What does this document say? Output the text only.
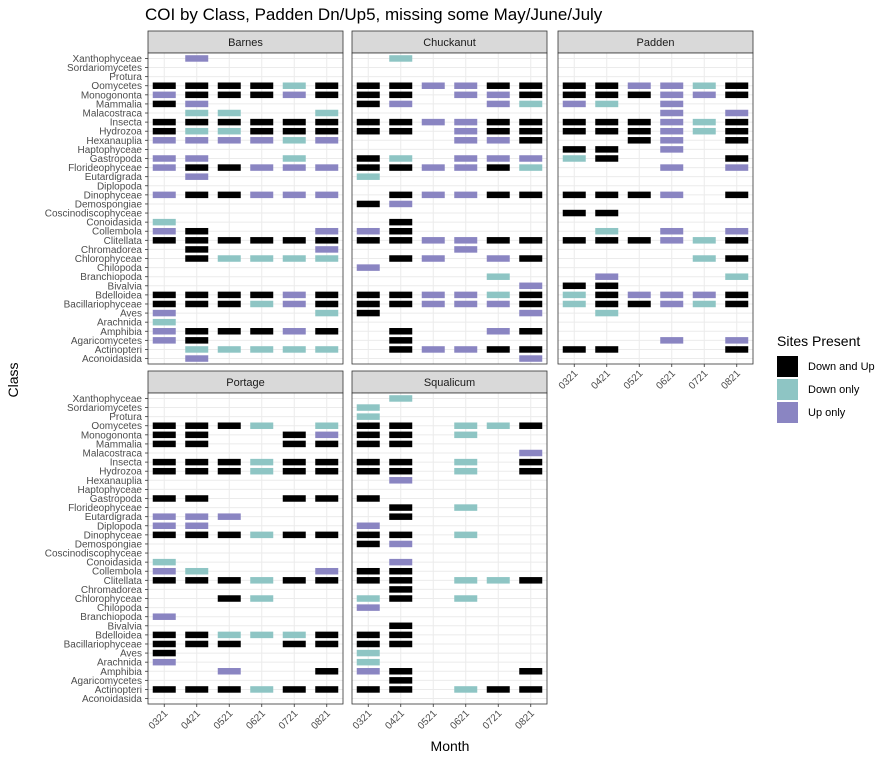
COI by Class, Padden Dn/Up5, missing some May/June/July
Barnes
Xanthophyceae
Sordariomycetes
Protura
Oomycetes
Monogononta
Mammalia
Malacostraca
Insecta
Hydrozoa
Hexanauplia
Haptophyceae
Gastropoda
Florideophyceae
Eutardigrada
Diplopoda
Dinophyceae
Demospongiae
Coscinodiscophyceae
Conoidasida
Collembola
Clitellata
Chromadorea
Chlorophyceae
Chilopoda
Branchiopoda
Bivalvia
Bdelloidea
Bacillariophyceae
Aves
Arachnida
Amphibia
Agaricomycetes
Actinopteri
Aconoidasida
Chuckanut	Padden
0321 0421 0521 0621 0721 0821
Portage
Xanthophyceae
Sordariomycetes
Protura
Oomycetes
Monogononta
Mammalia
Malacostraca
Insecta
Hydrozoa
Hexanauplia
Haptophyceae
Gastropoda
Florideophyceae
Eutardigrada
Diplopoda
Dinophyceae
Demospongiae
Coscinodiscophyceae
Conoidasida
Collembola
Clitellata
Chromadorea
Chlorophyceae
Chilopoda
Branchiopoda
Bivalvia
Bdelloidea
Bacillariophyceae
Aves
Arachnida
Amphibia
Agaricomycetes
Actinopteri
Aconoidasida
0321 0421 0521 0621 0721 0821
Squalicum
0321 0421 0521 0621 0721 0821
Month
Class
Sites Present
Down and Up
Down only
Up only
